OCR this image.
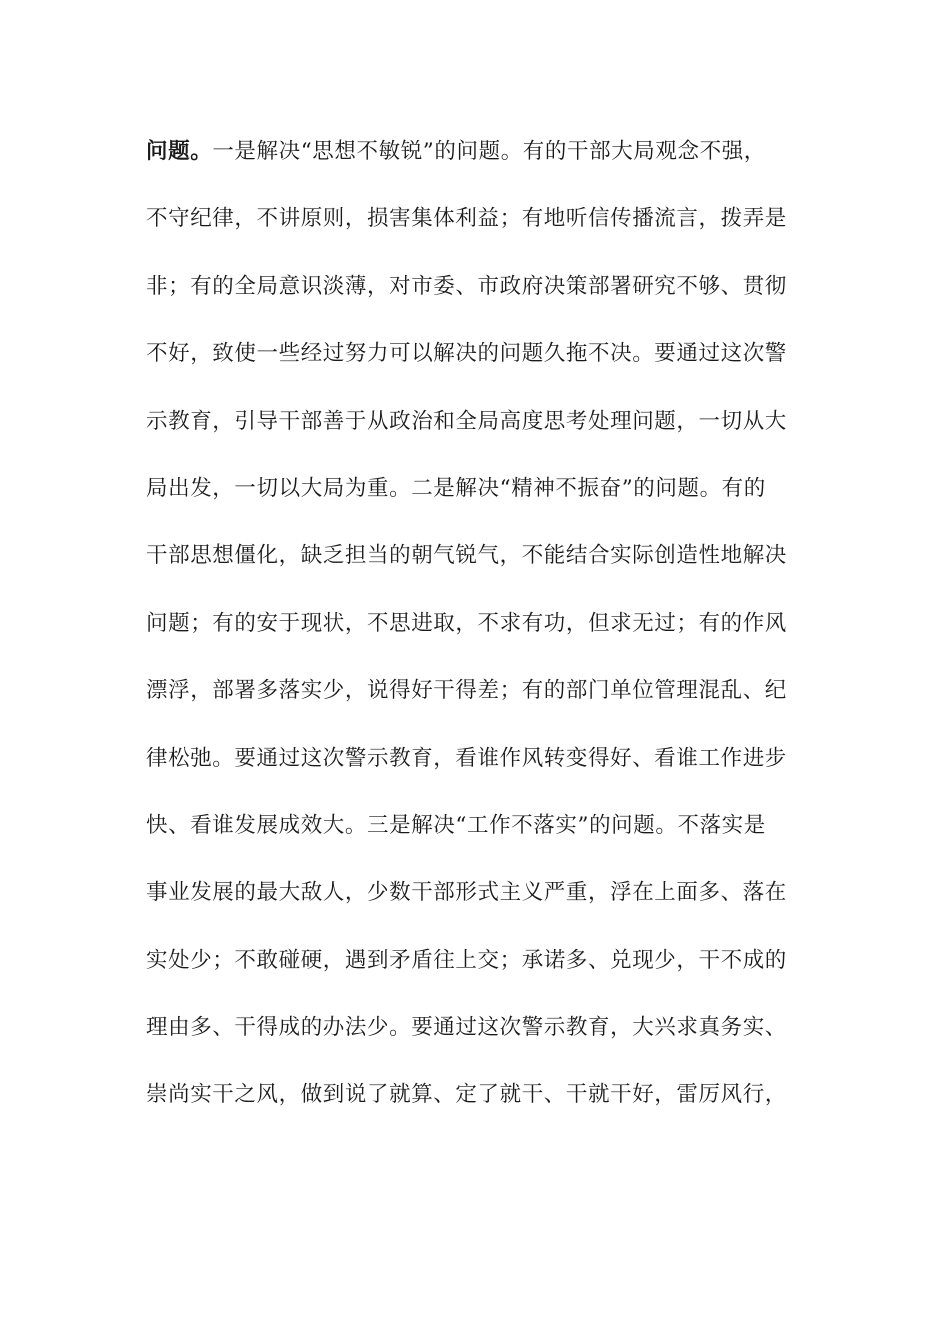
问题。一是解决“思想不敏锐”的问题。有的干部大局观念不强，
不守纪律，不讲原则，损害集体利益；有地听信传播流言，拨弄是
非；有的全局意识淡薄，对市委、市政府决策部署研究不够、贯彻
不好，致使一些经过努力可以解决的问题久拖不决。要通过这次警
示教育，引导干部善于从政治和全局高度思考处理问题，一切从大
局出发，一切以大局为重。二是解决“精神不振奋”的问题。有的
干部思想僵化，缺乏担当的朝气锐气，不能结合实际创造性地解决
问题；有的安于现状，不思进取，不求有功，但求无过；有的作风
漂浮，部署多落实少，说得好干得差；有的部门单位管理混乱、纪
律松弛。要通过这次警示教育，看谁作风转变得好、看谁工作进步
快、看谁发展成效大。三是解决“工作不落实”的问题。不落实是
事业发展的最大敌人，少数干部形式主义严重，浮在上面多、落在
实处少；不敢碰硬，遇到矛盾往上交；承诺多、兑现少，干不成的
理由多、干得成的办法少。要通过这次警示教育，大兴求真务实、
崇尚实干之风，做到说了就算、定了就干、干就干好，雷厉风行，
